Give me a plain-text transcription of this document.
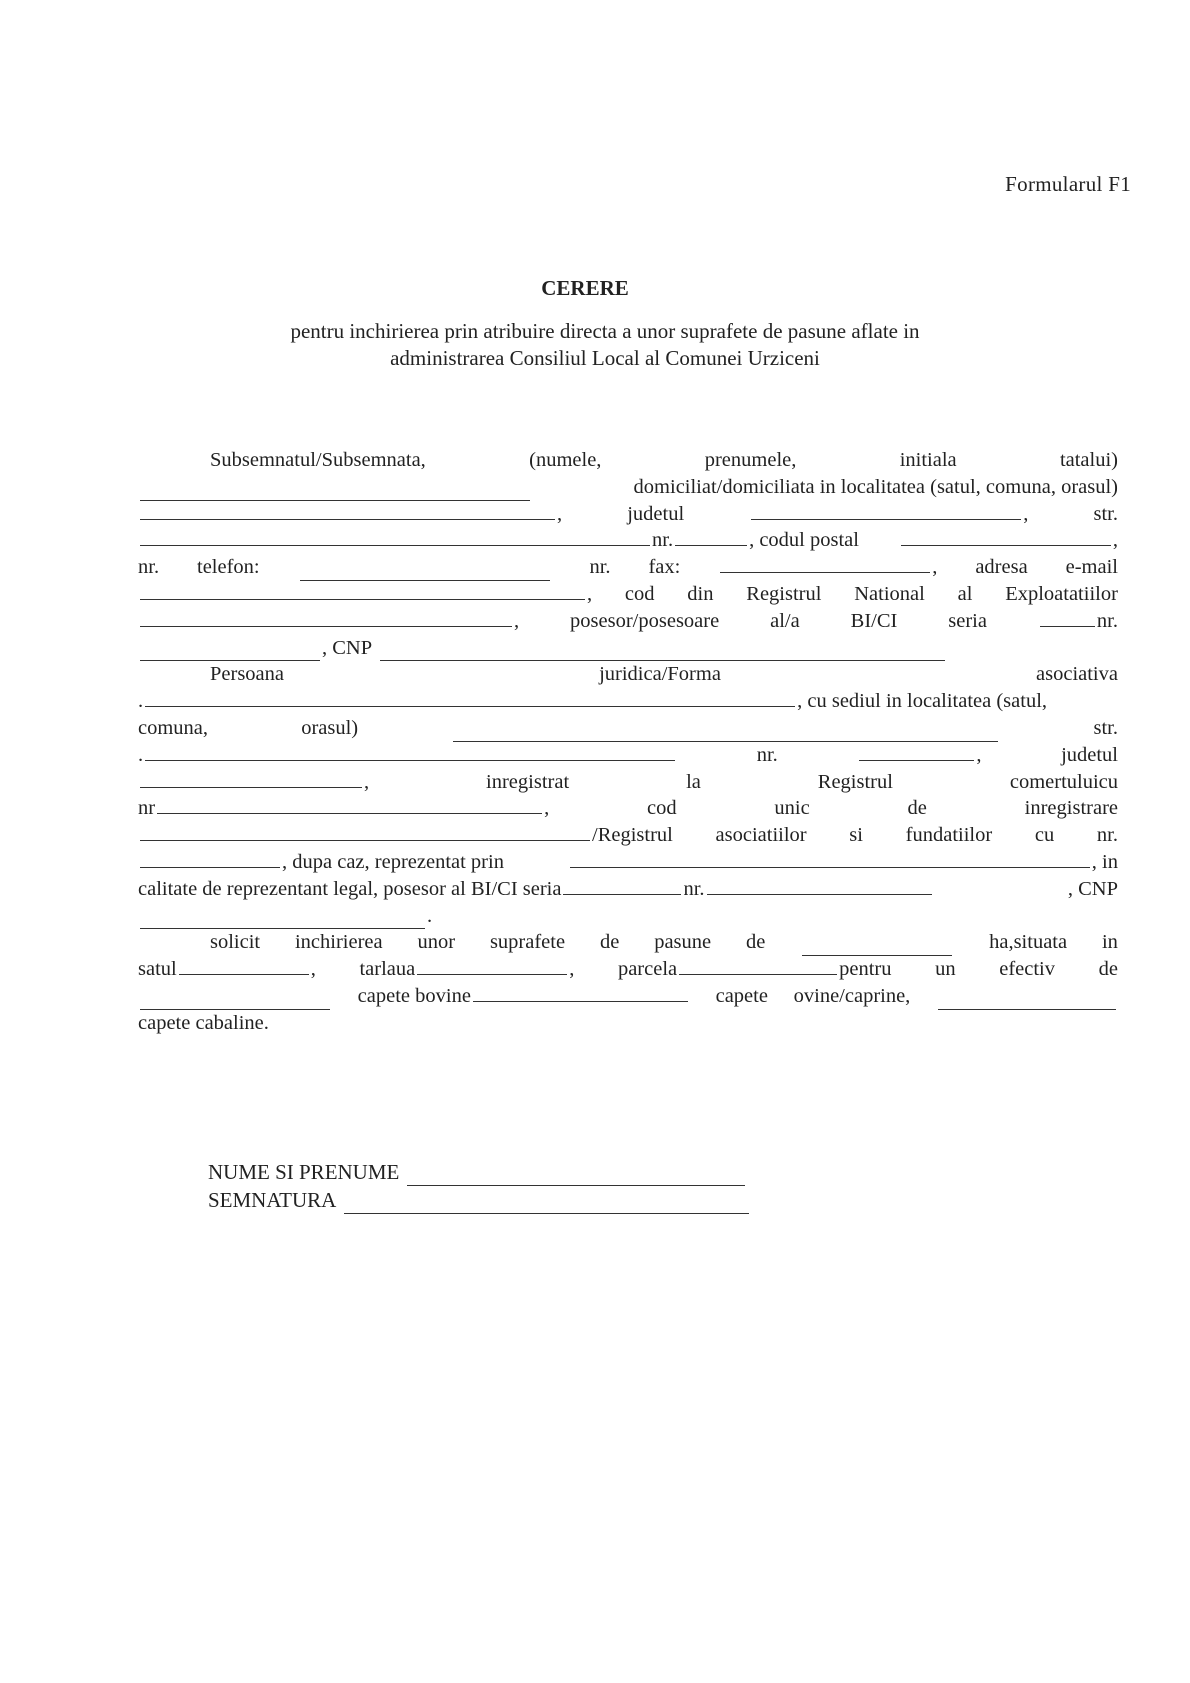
Formularul F1
CERERE
pentru inchirierea prin atribuire directa a unor suprafete de pasune aflate in
administrarea Consiliul Local al Comunei Urziceni
Subsemnatul/Subsemnata,	(numele,	prenumele,	initiala	tatalui)
domiciliat/domiciliata in localitatea (satul, comuna, orasul)
,	judetul	,	str.
nr.	, codul postal	,
nr. telefon:	nr. fax:	, adresa e-mail
, cod din Registrul National al Exploatatiilor
, posesor/posesoare al/a BI/CI seria	nr.
, CNP
Persoana	juridica/Forma	asociativa
.	, cu sediul in localitatea (satul,
comuna,	orasul)	str.
.	nr.	,	judetul
,	inregistrat	la	Registrul	comertuluicu
nr	,	cod	unic	de	inregistrare
/Registrul asociatiilor si fundatiilor cu nr.
, dupa caz, reprezentat prin	, in
calitate de reprezentant legal, posesor al BI/CI seria	nr.	, CNP
.
solicit inchirierea unor suprafete de pasune de	ha,situata in
satul	, tarlaua	, parcela	pentru un efectiv de
capete bovine	capete ovine/caprine,
capete cabaline.
NUME SI PRENUME
SEMNATURA
